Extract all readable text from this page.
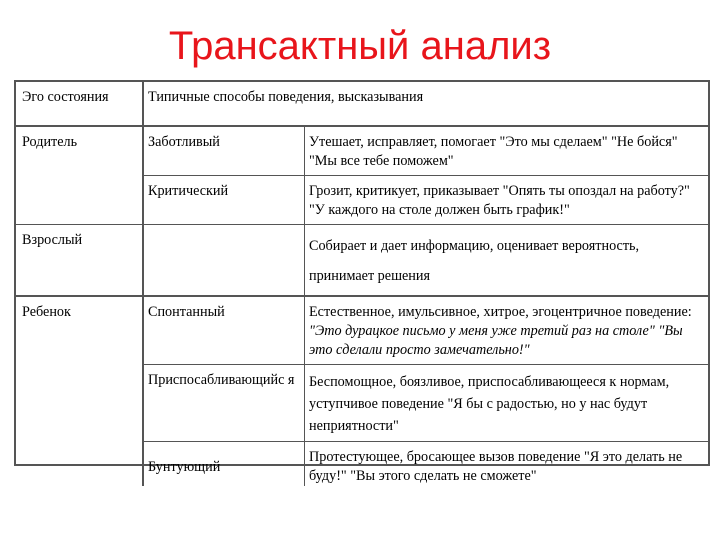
Трансактный анализ
Эго состояния	Типичные способы поведения, высказывания	
Родитель	Заботливый	Утешает, исправляет, помогает "Это мы сделаем" "Не бойся" "Мы все тебе поможем"
	Критический	Грозит, критикует, приказывает "Опять ты опоздал на работу?" "У каждого на столе должен быть график!"
Взрослый		Собирает и дает информацию, оценивает вероятность, принимает решения
Ребенок	Спонтанный	Естественное, имульсивное, хитрое, эгоцентричное поведение: "Это дурацкое письмо у меня уже третий раз на столе" "Вы это сделали просто замечательно!"
	Приспосабливающийс я	Беспомощное, боязливое, приспосабливающееся к нормам, уступчивое поведение "Я бы с радостью, но у нас будут неприятности"
	Бунтующий	Протестующее, бросающее вызов поведение "Я это делать не буду!" "Вы этого сделать не сможете"
